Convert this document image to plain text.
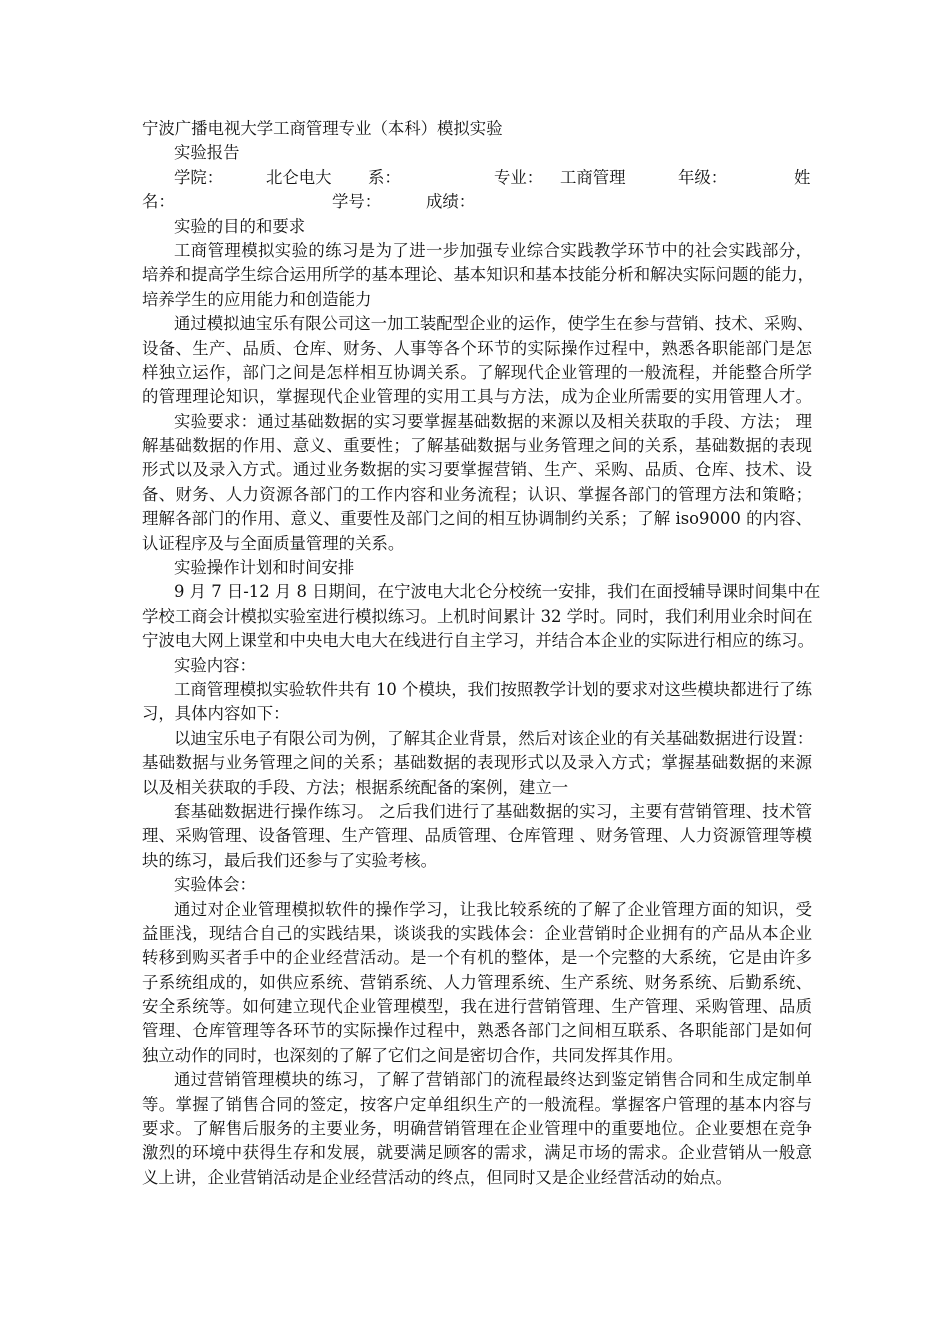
宁波广播电视大学工商管理专业（本科）模拟实验
实验报告
学院：	北仑电大 系：	专业： 工商管理	年级：	姓
名：	学号：	成绩：
实验的目的和要求
工商管理模拟实验的练习是为了进一步加强专业综合实践教学环节中的社会实践部分，
培养和提高学生综合运用所学的基本理论、基本知识和基本技能分析和解决实际问题的能力，
培养学生的应用能力和创造能力
通过模拟迪宝乐有限公司这一加工装配型企业的运作，使学生在参与营销、技术、采购、
设备、生产、品质、仓库、财务、人事等各个环节的实际操作过程中，熟悉各职能部门是怎
样独立运作，部门之间是怎样相互协调关系。了解现代企业管理的一般流程，并能整合所学
的管理理论知识，掌握现代企业管理的实用工具与方法，成为企业所需要的实用管理人才。
实验要求：通过基础数据的实习要掌握基础数据的来源以及相关获取的手段、方法； 理
解基础数据的作用、意义、重要性；了解基础数据与业务管理之间的关系，基础数据的表现
形式以及录入方式。通过业务数据的实习要掌握营销、生产、采购、品质、仓库、技术、设
备、财务、人力资源各部门的工作内容和业务流程；认识、掌握各部门的管理方法和策略；
理解各部门的作用、意义、重要性及部门之间的相互协调制约关系；了解 iso9000 的内容、
认证程序及与全面质量管理的关系。
实验操作计划和时间安排
9 月 7 日-12 月 8 日期间，在宁波电大北仑分校统一安排，我们在面授辅导课时间集中在
学校工商会计模拟实验室进行模拟练习。上机时间累计 32 学时。同时，我们利用业余时间在
宁波电大网上课堂和中央电大电大在线进行自主学习，并结合本企业的实际进行相应的练习。
实验内容：
工商管理模拟实验软件共有 10 个模块，我们按照教学计划的要求对这些模块都进行了练
习，具体内容如下：
以迪宝乐电子有限公司为例，了解其企业背景，然后对该企业的有关基础数据进行设置：
基础数据与业务管理之间的关系；基础数据的表现形式以及录入方式；掌握基础数据的来源
以及相关获取的手段、方法；根据系统配备的案例，建立一
套基础数据进行操作练习。 之后我们进行了基础数据的实习，主要有营销管理、技术管
理、采购管理、设备管理、生产管理、品质管理、仓库管理 、财务管理、人力资源管理等模
块的练习，最后我们还参与了实验考核。
实验体会：
通过对企业管理模拟软件的操作学习，让我比较系统的了解了企业管理方面的知识，受
益匪浅，现结合自己的实践结果，谈谈我的实践体会：企业营销时企业拥有的产品从本企业
转移到购买者手中的企业经营活动。是一个有机的整体，是一个完整的大系统，它是由许多
子系统组成的，如供应系统、营销系统、人力管理系统、生产系统、财务系统、后勤系统、
安全系统等。如何建立现代企业管理模型，我在进行营销管理、生产管理、采购管理、品质
管理、仓库管理等各环节的实际操作过程中，熟悉各部门之间相互联系、各职能部门是如何
独立动作的同时，也深刻的了解了它们之间是密切合作，共同发挥其作用。
通过营销管理模块的练习，了解了营销部门的流程最终达到鉴定销售合同和生成定制单
等。掌握了销售合同的签定，按客户定单组织生产的一般流程。掌握客户管理的基本内容与
要求。了解售后服务的主要业务，明确营销管理在企业管理中的重要地位。企业要想在竞争
激烈的环境中获得生存和发展，就要满足顾客的需求，满足市场的需求。企业营销从一般意
义上讲，企业营销活动是企业经营活动的终点，但同时又是企业经营活动的始点。
